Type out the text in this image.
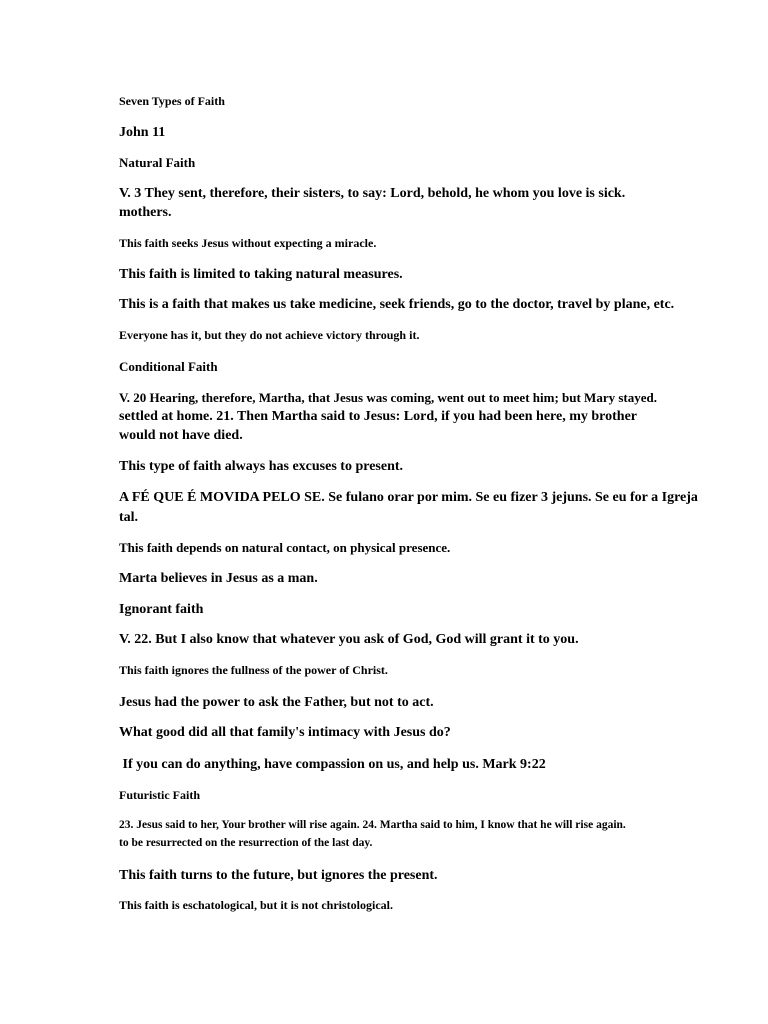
Seven Types of Faith

John 11

Natural Faith

V. 3 They sent, therefore, their sisters, to say: Lord, behold, he whom you love is sick.

mothers.

This faith seeks Jesus without expecting a miracle.

This faith is limited to taking natural measures.

This is a faith that makes us take medicine, seek friends, go to the doctor, travel by plane, etc.

Everyone has it, but they do not achieve victory through it.

Conditional Faith

V. 20 Hearing, therefore, Martha, that Jesus was coming, went out to meet him; but Mary stayed.

settled at home. 21. Then Martha said to Jesus: Lord, if you had been here, my brother

would not have died.

This type of faith always has excuses to present.

A FÉ QUE É MOVIDA PELO SE. Se fulano orar por mim. Se eu fizer 3 jejuns. Se eu for a Igreja tal.

This faith depends on natural contact, on physical presence.

Marta believes in Jesus as a man.

Ignorant faith

V. 22. But I also know that whatever you ask of God, God will grant it to you.

This faith ignores the fullness of the power of Christ.

Jesus had the power to ask the Father, but not to act.

What good did all that family's intimacy with Jesus do?

If you can do anything, have compassion on us, and help us. Mark 9:22

Futuristic Faith

23. Jesus said to her, Your brother will rise again. 24. Martha said to him, I know that he will rise again.

to be resurrected on the resurrection of the last day.

This faith turns to the future, but ignores the present.

This faith is eschatological, but it is not christological.
